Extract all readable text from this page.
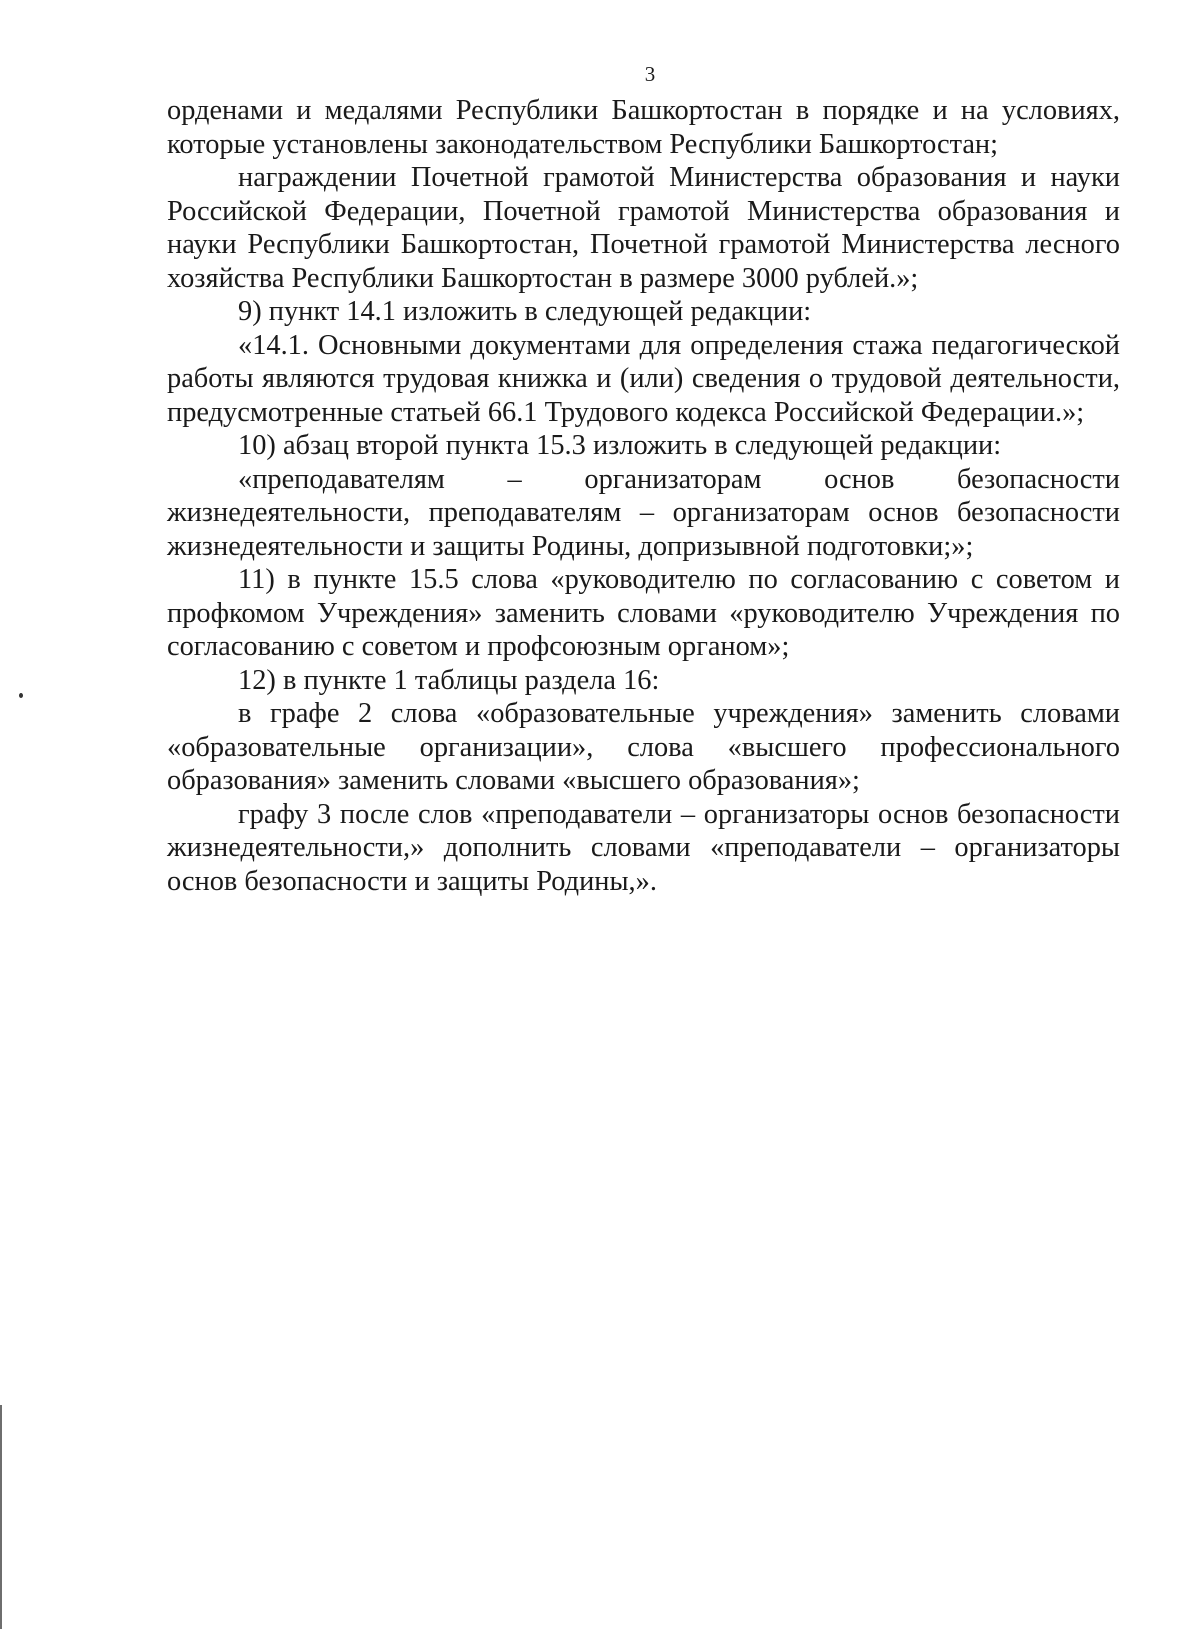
3

орденами и медалями Республики Башкортостан в порядке и на условиях, которые установлены законодательством Республики Башкортостан;

награждении Почетной грамотой Министерства образования и науки Российской Федерации, Почетной грамотой Министерства образования и науки Республики Башкортостан, Почетной грамотой Министерства лесного хозяйства Республики Башкортостан в размере 3000 рублей.»;

9) пункт 14.1 изложить в следующей редакции:

«14.1. Основными документами для определения стажа педагогической работы являются трудовая книжка и (или) сведения о трудовой деятельности, предусмотренные статьей 66.1 Трудового кодекса Российской Федерации.»;

10) абзац второй пункта 15.3 изложить в следующей редакции:

«преподавателям – организаторам основ безопасности жизнедеятельности, преподавателям – организаторам основ безопасности жизнедеятельности и защиты Родины, допризывной подготовки;»;

11) в пункте 15.5 слова «руководителю по согласованию с советом и профкомом Учреждения» заменить словами «руководителю Учреждения по согласованию с советом и профсоюзным органом»;

12) в пункте 1 таблицы раздела 16:

в графе 2 слова «образовательные учреждения» заменить словами «образовательные организации», слова «высшего профессионального образования» заменить словами «высшего образования»;

графу 3 после слов «преподаватели – организаторы основ безопасности жизнедеятельности,» дополнить словами «преподаватели – организаторы основ безопасности и защиты Родины,».
